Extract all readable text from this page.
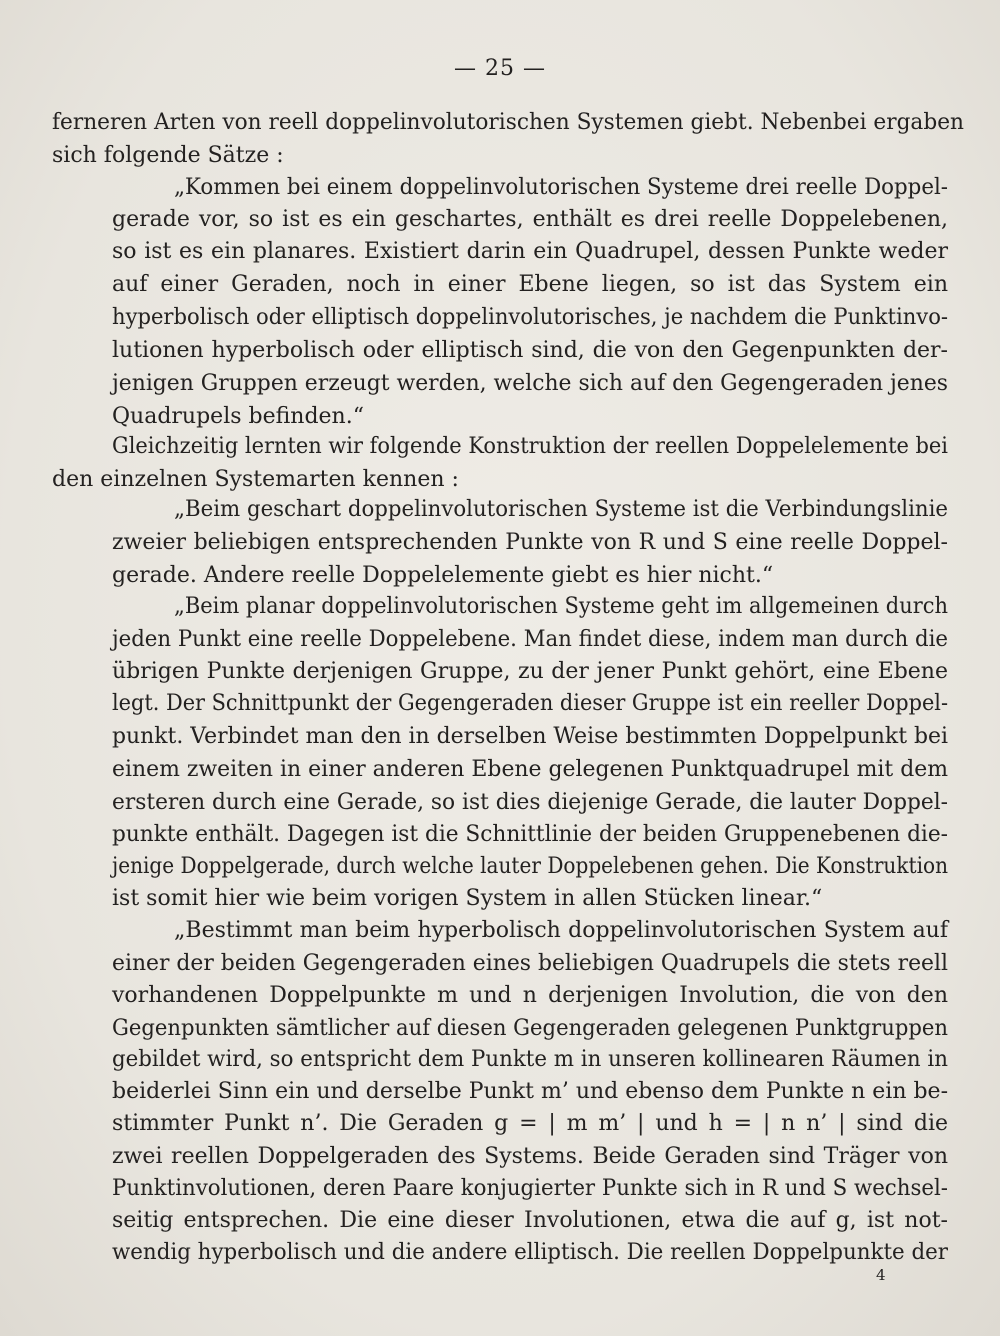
— 25 —
ferneren Arten von reell doppelinvolutorischen Systemen giebt. Nebenbei ergaben
sich folgende Sätze :
„Kommen bei einem doppelinvolutorischen Systeme drei reelle Doppel-
gerade vor, so ist es ein geschartes, enthält es drei reelle Doppelebenen,
so ist es ein planares. Existiert darin ein Quadrupel, dessen Punkte weder
auf einer Geraden, noch in einer Ebene liegen, so ist das System ein
hyperbolisch oder elliptisch doppelinvolutorisches, je nachdem die Punktinvo-
lutionen hyperbolisch oder elliptisch sind, die von den Gegenpunkten der-
jenigen Gruppen erzeugt werden, welche sich auf den Gegengeraden jenes
Quadrupels befinden.“
Gleichzeitig lernten wir folgende Konstruktion der reellen Doppelelemente bei
den einzelnen Systemarten kennen :
„Beim geschart doppelinvolutorischen Systeme ist die Verbindungslinie
zweier beliebigen entsprechenden Punkte von R und S eine reelle Doppel-
gerade. Andere reelle Doppelelemente giebt es hier nicht.“
„Beim planar doppelinvolutorischen Systeme geht im allgemeinen durch
jeden Punkt eine reelle Doppelebene. Man findet diese, indem man durch die
übrigen Punkte derjenigen Gruppe, zu der jener Punkt gehört, eine Ebene
legt. Der Schnittpunkt der Gegengeraden dieser Gruppe ist ein reeller Doppel-
punkt. Verbindet man den in derselben Weise bestimmten Doppelpunkt bei
einem zweiten in einer anderen Ebene gelegenen Punktquadrupel mit dem
ersteren durch eine Gerade, so ist dies diejenige Gerade, die lauter Doppel-
punkte enthält. Dagegen ist die Schnittlinie der beiden Gruppenebenen die-
jenige Doppelgerade, durch welche lauter Doppelebenen gehen. Die Konstruktion
ist somit hier wie beim vorigen System in allen Stücken linear.“
„Bestimmt man beim hyperbolisch doppelinvolutorischen System auf
einer der beiden Gegengeraden eines beliebigen Quadrupels die stets reell
vorhandenen Doppelpunkte m und n derjenigen Involution, die von den
Gegenpunkten sämtlicher auf diesen Gegengeraden gelegenen Punktgruppen
gebildet wird, so entspricht dem Punkte m in unseren kollinearen Räumen in
beiderlei Sinn ein und derselbe Punkt m’ und ebenso dem Punkte n ein be-
stimmter Punkt n’. Die Geraden g = | m m’ | und h = | n n’ | sind die
zwei reellen Doppelgeraden des Systems. Beide Geraden sind Träger von
Punktinvolutionen, deren Paare konjugierter Punkte sich in R und S wechsel-
seitig entsprechen. Die eine dieser Involutionen, etwa die auf g, ist not-
wendig hyperbolisch und die andere elliptisch. Die reellen Doppelpunkte der
4
